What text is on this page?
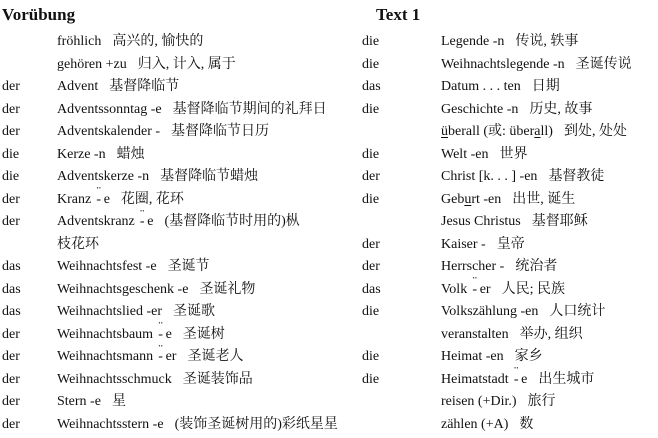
Vorübung
fröhlich 高兴的, 愉快的
gehören +zu 归入, 计入, 属于
der	Advent 基督降临节
der	Adventssonntag -e 基督降临节期间的礼拜日
der	Adventskalender - 基督降临节日历
die	Kerze -n 蜡烛
die	Adventskerze -n 基督降临节蜡烛
der	Kranz ¨ - e 花圈, 花环
der	Adventskranz ¨ - e (基督降临节时用的)枞
枝花环
das	Weihnachtsfest -e 圣诞节
das	Weihnachtsgeschenk -e 圣诞礼物
das	Weihnachtslied -er 圣诞歌
der	Weihnachtsbaum ¨ - e 圣诞树
der	Weihnachtsmann ¨ - er 圣诞老人
der	Weihnachtsschmuck 圣诞装饰品
der	Stern -e 星
der	Weihnachtsstern -e (装饰圣诞树用的)彩纸星星
Text 1
die	Legende -n 传说, 轶事
die	Weihnachtslegende -n 圣诞传说
das	Datum . . . ten 日期
die	Geschichte -n 历史, 故事
überall (或: überall) 到处, 处处
die	Welt -en 世界
der	Christ [k. . . ] -en 基督教徒
die	Geburt -en 出世, 诞生
Jesus Christus 基督耶稣
der	Kaiser - 皇帝
der	Herrscher - 统治者
das	Volk ¨ - er 人民; 民族
die	Volkszählung -en 人口统计
veranstalten 举办, 组织
die	Heimat -en 家乡
die	Heimatstadt ¨ - e 出生城市
reisen (+Dir.) 旅行
zählen (+A) 数
